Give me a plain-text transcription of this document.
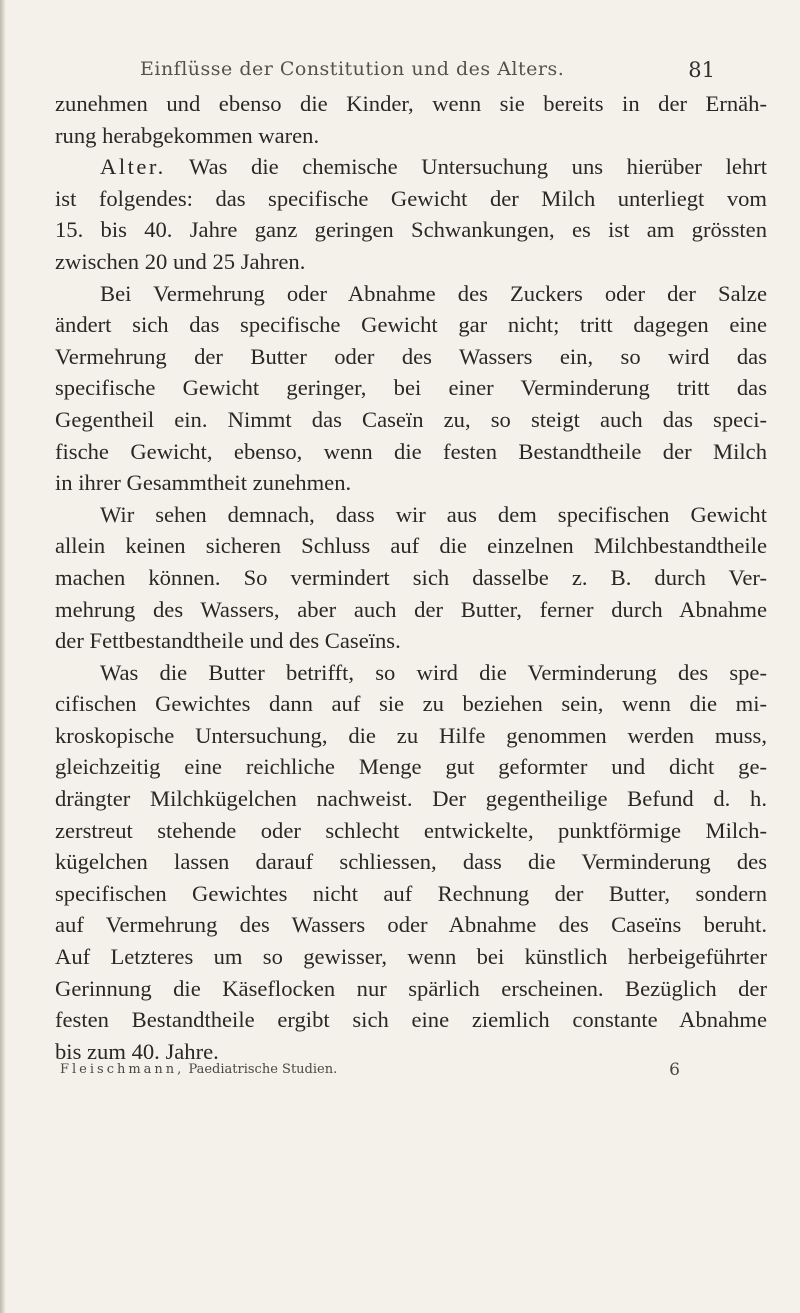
Einflüsse der Constitution und des Alters.	81
zunehmen und ebenso die Kinder, wenn sie bereits in der Ernäh-
rung herabgekommen waren.
Alter. Was die chemische Untersuchung uns hierüber lehrt
ist folgendes: das specifische Gewicht der Milch unterliegt vom
15. bis 40. Jahre ganz geringen Schwankungen, es ist am grössten
zwischen 20 und 25 Jahren.
Bei Vermehrung oder Abnahme des Zuckers oder der Salze
ändert sich das specifische Gewicht gar nicht; tritt dagegen eine
Vermehrung der Butter oder des Wassers ein, so wird das
specifische Gewicht geringer, bei einer Verminderung tritt das
Gegentheil ein. Nimmt das Caseïn zu, so steigt auch das speci-
fische Gewicht, ebenso, wenn die festen Bestandtheile der Milch
in ihrer Gesammtheit zunehmen.
Wir sehen demnach, dass wir aus dem specifischen Gewicht
allein keinen sicheren Schluss auf die einzelnen Milchbestandtheile
machen können. So vermindert sich dasselbe z. B. durch Ver-
mehrung des Wassers, aber auch der Butter, ferner durch Abnahme
der Fettbestandtheile und des Caseïns.
Was die Butter betrifft, so wird die Verminderung des spe-
cifischen Gewichtes dann auf sie zu beziehen sein, wenn die mi-
kroskopische Untersuchung, die zu Hilfe genommen werden muss,
gleichzeitig eine reichliche Menge gut geformter und dicht ge-
drängter Milchkügelchen nachweist. Der gegentheilige Befund d. h.
zerstreut stehende oder schlecht entwickelte, punktförmige Milch-
kügelchen lassen darauf schliessen, dass die Verminderung des
specifischen Gewichtes nicht auf Rechnung der Butter, sondern
auf Vermehrung des Wassers oder Abnahme des Caseïns beruht.
Auf Letzteres um so gewisser, wenn bei künstlich herbeigeführter
Gerinnung die Käseflocken nur spärlich erscheinen. Bezüglich der
festen Bestandtheile ergibt sich eine ziemlich constante Abnahme
bis zum 40. Jahre.
Fleischmann, Paediatrische Studien.	6
